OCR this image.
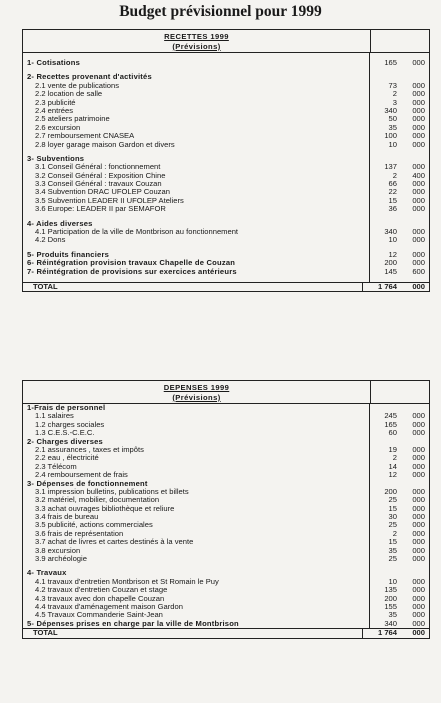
Budget prévisionnel pour 1999
RECETTES 1999
(Prévisions)
1- Cotisations	165	000
2- Recettes provenant d'activités
2.1 vente de publications	73	000
2.2 location de salle	2	000
2.3 publicité	3	000
2.4 entrées	340	000
2.5 ateliers patrimoine	50	000
2.6 excursion	35	000
2.7 remboursement CNASEA	100	000
2.8 loyer garage maison Gardon et divers	10	000
3- Subventions
3.1 Conseil Général : fonctionnement	137	000
3.2 Conseil Général : Exposition Chine	2	400
3.3 Conseil Général : travaux Couzan	66	000
3.4 Subvention DRAC UFOLEP Couzan	22	000
3.5 Subvention LEADER II UFOLEP Ateliers	15	000
3.6 Europe: LEADER II par SEMAFOR	36	000
4- Aides diverses
4.1 Participation de la ville de Montbrison au fonctionnement	340	000
4.2 Dons	10	000
5- Produits financiers	12	000
6- Réintégration provision travaux Chapelle de Couzan	200	000
7- Réintégration de provisions sur exercices antérieurs	145	600
TOTAL	1 764	000
DEPENSES 1999
(Prévisions)
1-Frais de personnel
1.1 salaires	245	000
1.2 charges sociales	165	000
1.3 C.E.S.-C.E.C.	60	000
2- Charges diverses
2.1 assurances , taxes et impôts	19	000
2.2 eau , électricité	2	000
2.3 Télécom	14	000
2.4 remboursement de frais	12	000
3- Dépenses de fonctionnement
3.1 impression bulletins, publications et billets	200	000
3.2 matériel, mobilier, documentation	25	000
3.3 achat ouvrages bibliothèque et reliure	15	000
3.4 frais de bureau	30	000
3.5 publicité, actions commerciales	25	000
3.6 frais de représentation	2	000
3.7 achat de livres et cartes destinés à la vente	15	000
3.8 excursion	35	000
3.9 archéologie	25	000
4- Travaux
4.1 travaux d'entretien Montbrison et St Romain le Puy	10	000
4.2 travaux d'entretien Couzan et stage	135	000
4.3 travaux avec don chapelle Couzan	200	000
4.4 travaux d'aménagement maison Gardon	155	000
4.5 Travaux Commanderie Saint-Jean	35	000
5- Dépenses prises en charge par la ville de Montbrison	340	000
TOTAL	1 764	000
